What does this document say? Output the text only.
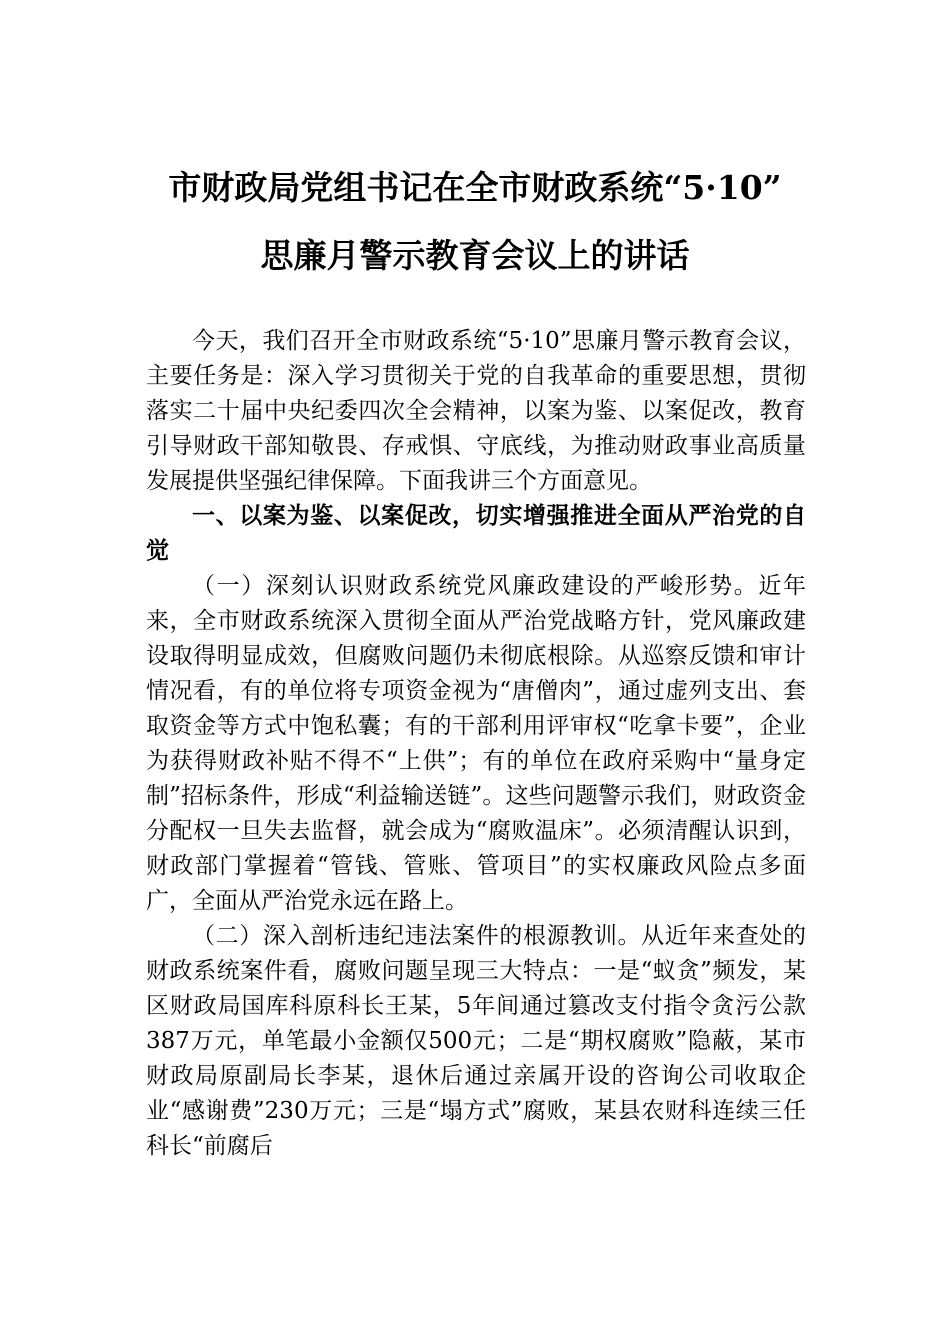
市财政局党组书记在全市财政系统“5·10”
思廉月警示教育会议上的讲话

今天，我们召开全市财政系统“5·10”思廉月警示教育会议，主要任务是：深入学习贯彻关于党的自我革命的重要思想，贯彻落实二十届中央纪委四次全会精神，以案为鉴、以案促改，教育引导财政干部知敬畏、存戒惧、守底线，为推动财政事业高质量发展提供坚强纪律保障。下面我讲三个方面意见。

一、以案为鉴、以案促改，切实增强推进全面从严治党的自觉

（一）深刻认识财政系统党风廉政建设的严峻形势。近年来，全市财政系统深入贯彻全面从严治党战略方针，党风廉政建设取得明显成效，但腐败问题仍未彻底根除。从巡察反馈和审计情况看，有的单位将专项资金视为“唐僧肉”，通过虚列支出、套取资金等方式中饱私囊；有的干部利用评审权“吃拿卡要”，企业为获得财政补贴不得不“上供”；有的单位在政府采购中“量身定制”招标条件，形成“利益输送链”。这些问题警示我们，财政资金分配权一旦失去监督，就会成为“腐败温床”。必须清醒认识到，财政部门掌握着“管钱、管账、管项目”的实权廉政风险点多面广，全面从严治党永远在路上。

（二）深入剖析违纪违法案件的根源教训。从近年来查处的财政系统案件看，腐败问题呈现三大特点：一是“蚁贪”频发，某区财政局国库科原科长王某，5年间通过篡改支付指令贪污公款387万元，单笔最小金额仅500元；二是“期权腐败”隐蔽，某市财政局原副局长李某，退休后通过亲属开设的咨询公司收取企业“感谢费”230万元；三是“塌方式”腐败，某县农财科连续三任科长“前腐后
